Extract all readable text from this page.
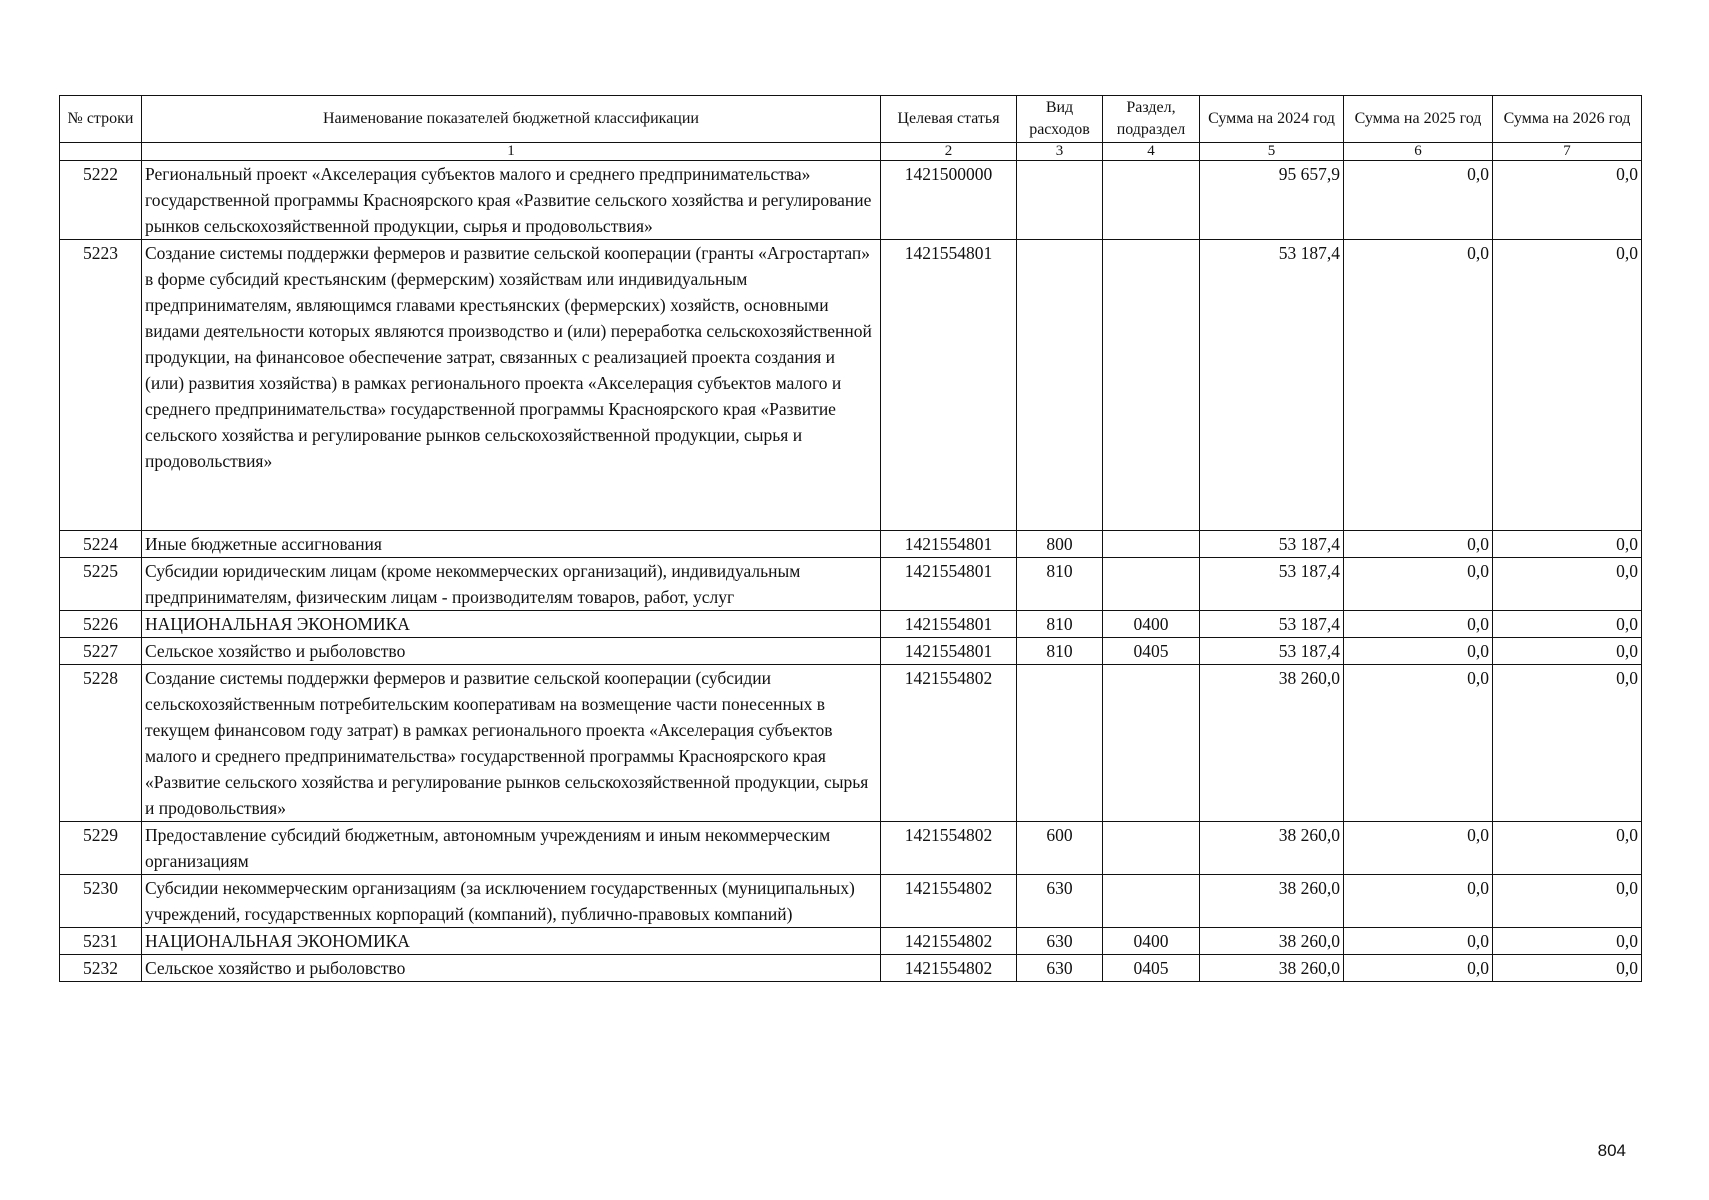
№ строки	Наименование показателей бюджетной классификации	Целевая статья	Вид расходов	Раздел, подраздел	Сумма на 2024 год	Сумма на 2025 год	Сумма на 2026 год
	1	2	3	4	5	6	7
5222	Региональный проект «Акселерация субъектов малого и среднего предпринимательства» государственной программы Красноярского края «Развитие сельского хозяйства и регулирование рынков сельскохозяйственной продукции, сырья и продовольствия»	1421500000			95 657,9	0,0	0,0
5223	Создание системы поддержки фермеров и развитие сельской кооперации (гранты «Агростартап» в форме субсидий крестьянским (фермерским) хозяйствам или индивидуальным предпринимателям, являющимся главами крестьянских (фермерских) хозяйств, основными видами деятельности которых являются производство и (или) переработка сельскохозяйственной продукции, на финансовое обеспечение затрат, связанных с реализацией проекта создания и (или) развития хозяйства) в рамках регионального проекта «Акселерация субъектов малого и среднего предпринимательства» государственной программы Красноярского края «Развитие сельского хозяйства и регулирование рынков сельскохозяйственной продукции, сырья и продовольствия»	1421554801			53 187,4	0,0	0,0
5224	Иные бюджетные ассигнования	1421554801	800		53 187,4	0,0	0,0
5225	Субсидии юридическим лицам (кроме некоммерческих организаций), индивидуальным предпринимателям, физическим лицам - производителям товаров, работ, услуг	1421554801	810		53 187,4	0,0	0,0
5226	НАЦИОНАЛЬНАЯ ЭКОНОМИКА	1421554801	810	0400	53 187,4	0,0	0,0
5227	Сельское хозяйство и рыболовство	1421554801	810	0405	53 187,4	0,0	0,0
5228	Создание системы поддержки фермеров и развитие сельской кооперации (субсидии сельскохозяйственным потребительским кооперативам на возмещение части понесенных в текущем финансовом году затрат) в рамках регионального проекта «Акселерация субъектов малого и среднего предпринимательства» государственной программы Красноярского края «Развитие сельского хозяйства и регулирование рынков сельскохозяйственной продукции, сырья и продовольствия»	1421554802			38 260,0	0,0	0,0
5229	Предоставление субсидий бюджетным, автономным учреждениям и иным некоммерческим организациям	1421554802	600		38 260,0	0,0	0,0
5230	Субсидии некоммерческим организациям (за исключением государственных (муниципальных) учреждений, государственных корпораций (компаний), публично-правовых компаний)	1421554802	630		38 260,0	0,0	0,0
5231	НАЦИОНАЛЬНАЯ ЭКОНОМИКА	1421554802	630	0400	38 260,0	0,0	0,0
5232	Сельское хозяйство и рыболовство	1421554802	630	0405	38 260,0	0,0	0,0
804
